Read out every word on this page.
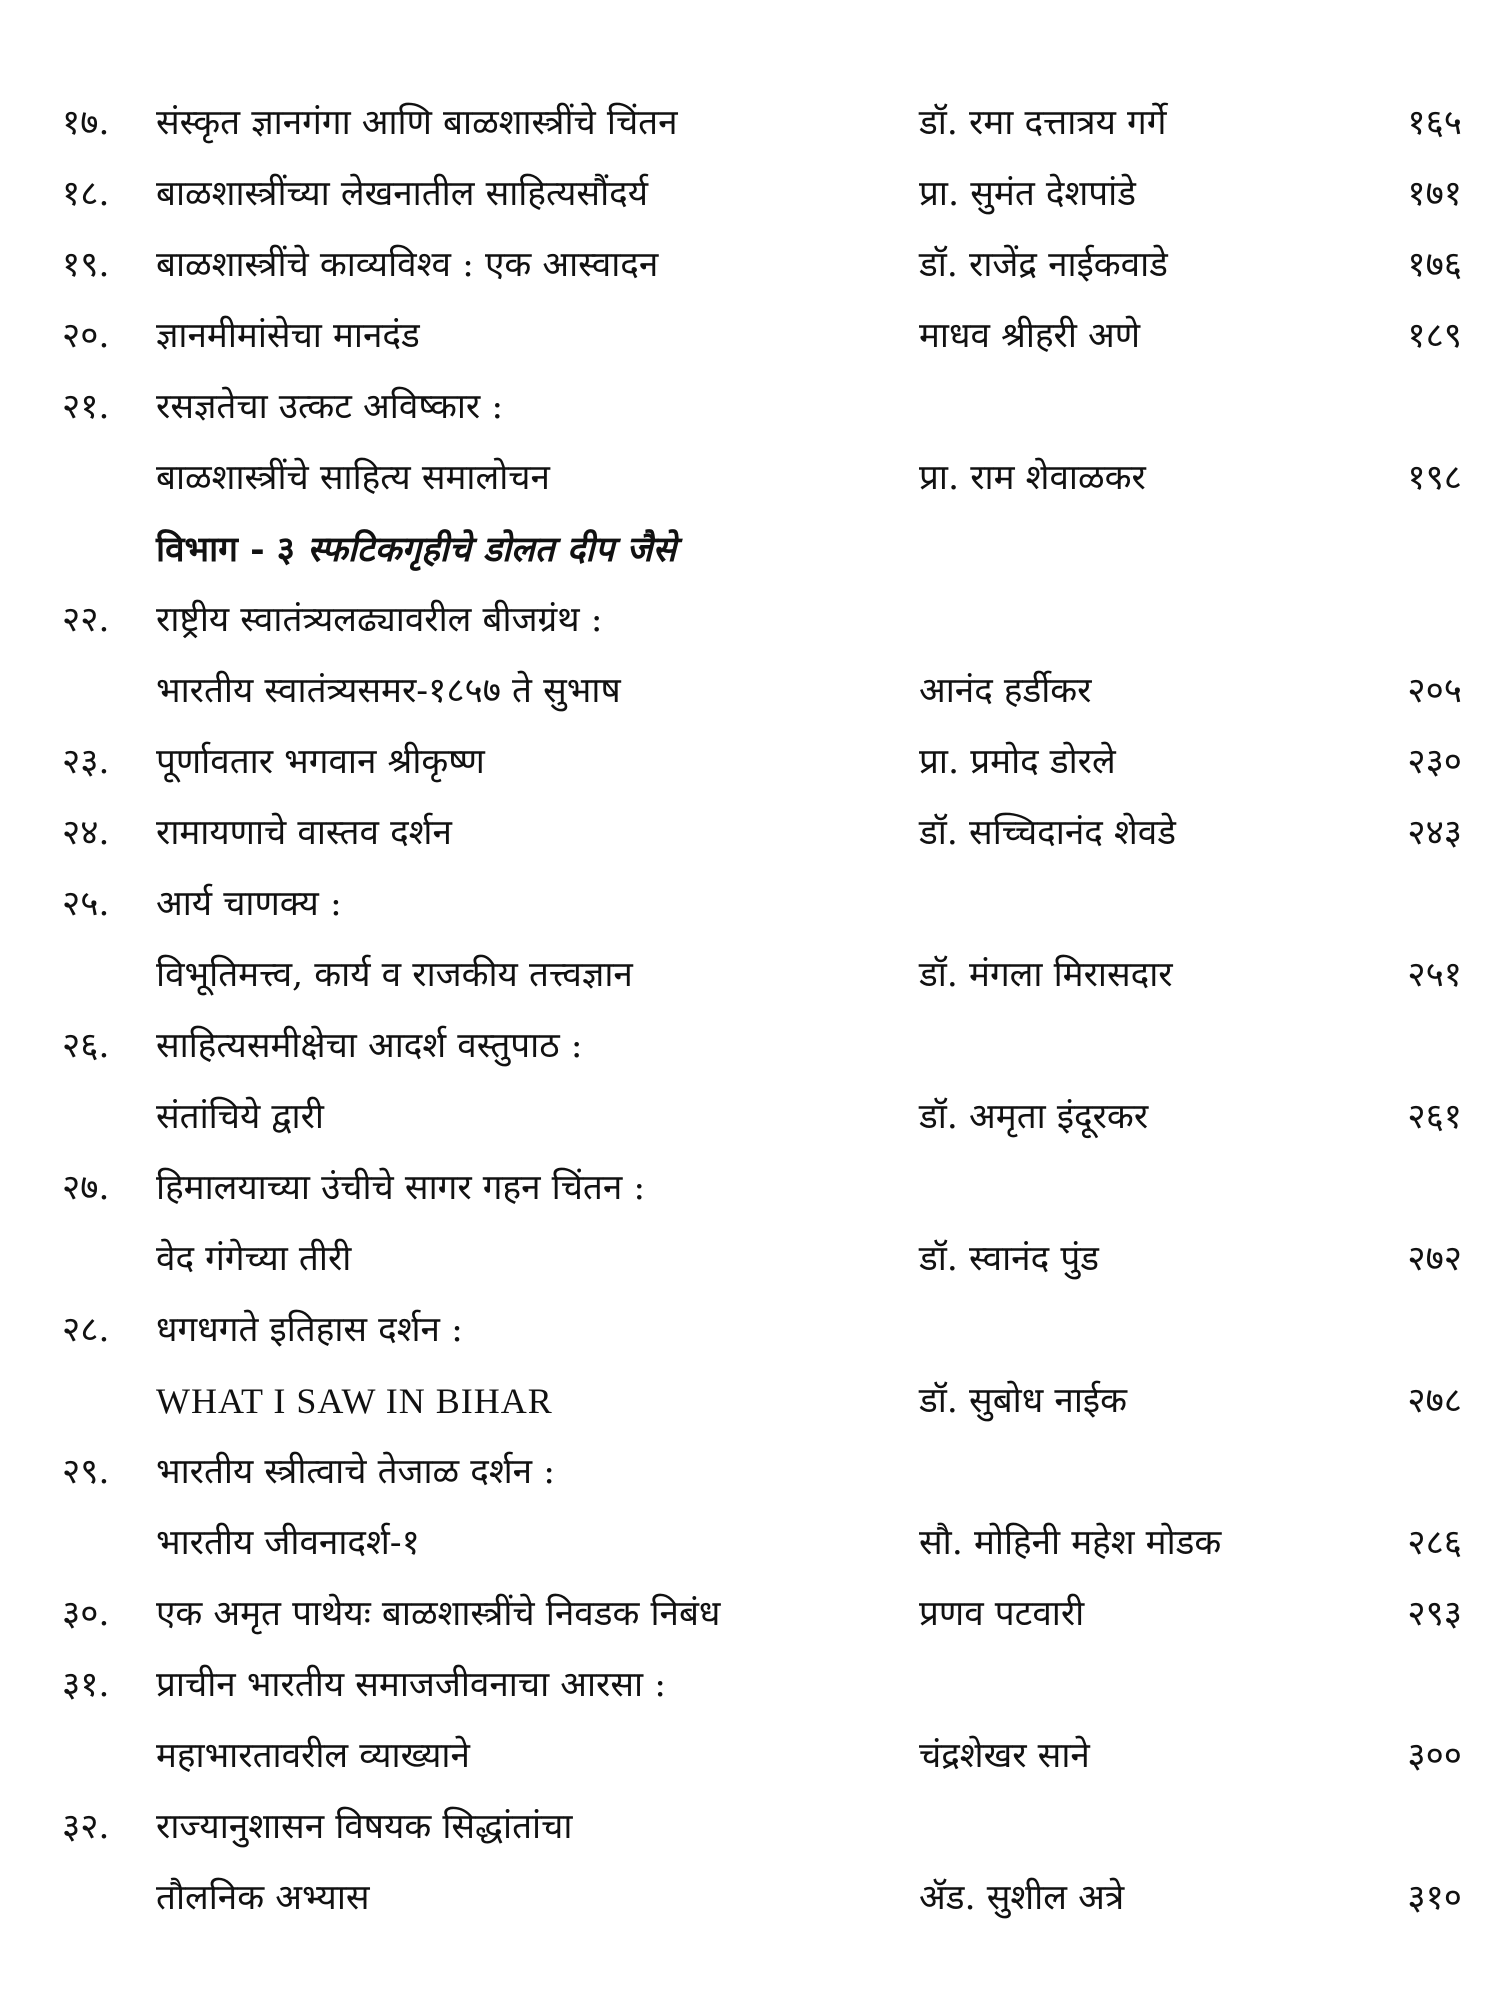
१७. संस्कृत ज्ञानगंगा आणि बाळशास्त्रींचे चिंतन	डॉ. रमा दत्तात्रय गर्गे	१६५
१८. बाळशास्त्रींच्या लेखनातील साहित्यसौंदर्य	प्रा. सुमंत देशपांडे	१७१
१९. बाळशास्त्रींचे काव्यविश्व : एक आस्वादन	डॉ. राजेंद्र नाईकवाडे	१७६
२०. ज्ञानमीमांसेचा मानदंड	माधव श्रीहरी अणे	१८९
२१. रसज्ञतेचा उत्कट अविष्कार :
बाळशास्त्रींचे साहित्य समालोचन	प्रा. राम शेवाळकर	१९८
विभाग - ३ स्फटिकगृहीचे डोलत दीप जैसे
२२. राष्ट्रीय स्वातंत्र्यलढ्यावरील बीजग्रंथ :
भारतीय स्वातंत्र्यसमर-१८५७ ते सुभाष	आनंद हर्डीकर	२०५
२३. पूर्णावतार भगवान श्रीकृष्ण	प्रा. प्रमोद डोरले	२३०
२४. रामायणाचे वास्तव दर्शन	डॉ. सच्चिदानंद शेवडे	२४३
२५. आर्य चाणक्य :
विभूतिमत्त्व, कार्य व राजकीय तत्त्वज्ञान	डॉ. मंगला मिरासदार	२५१
२६. साहित्यसमीक्षेचा आदर्श वस्तुपाठ :
संतांचिये द्वारी	डॉ. अमृता इंदूरकर	२६१
२७. हिमालयाच्या उंचीचे सागर गहन चिंतन :
वेद गंगेच्या तीरी	डॉ. स्वानंद पुंड	२७२
२८. धगधगते इतिहास दर्शन :
WHAT I SAW IN BIHAR	डॉ. सुबोध नाईक	२७८
२९. भारतीय स्त्रीत्वाचे तेजाळ दर्शन :
भारतीय जीवनादर्श-१	सौ. मोहिनी महेश मोडक	२८६
३०. एक अमृत पाथेयः बाळशास्त्रींचे निवडक निबंध	प्रणव पटवारी	२९३
३१. प्राचीन भारतीय समाजजीवनाचा आरसा :
महाभारतावरील व्याख्याने	चंद्रशेखर साने	३००
३२. राज्यानुशासन विषयक सिद्धांतांचा
तौलनिक अभ्यास	ॲड. सुशील अत्रे	३१०
